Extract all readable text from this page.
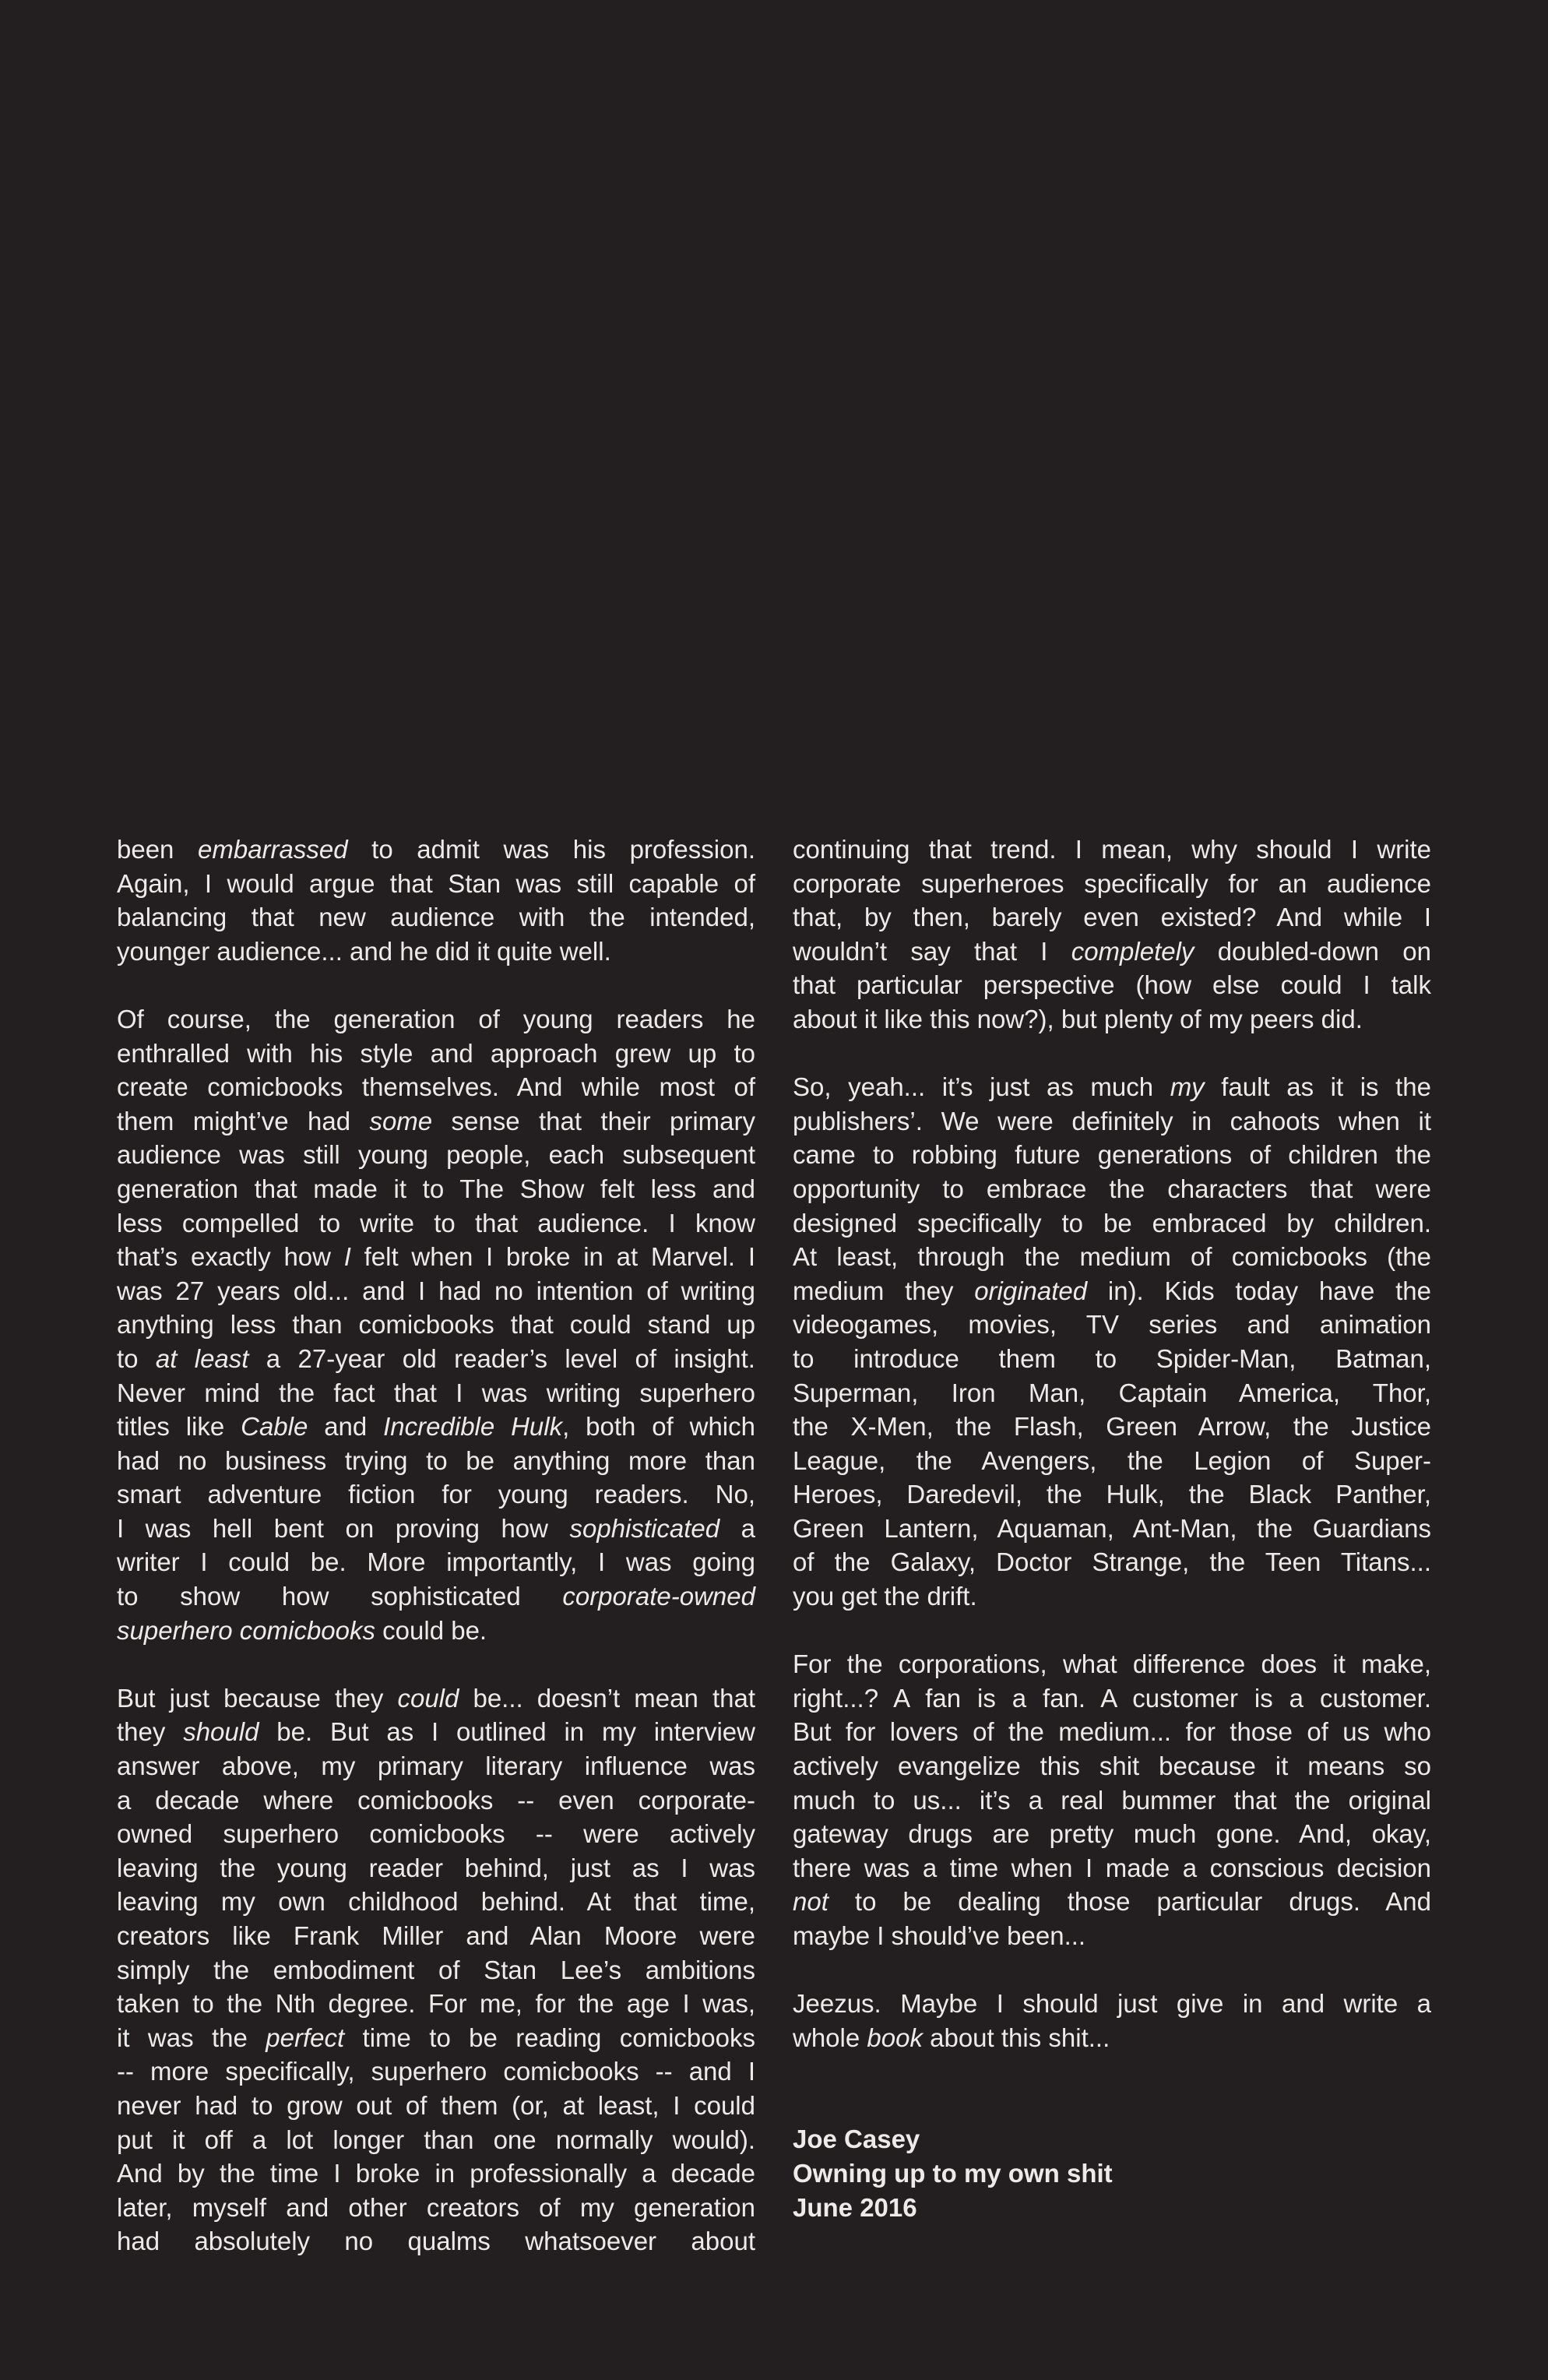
been embarrassed to admit was his profession.
Again, I would argue that Stan was still capable of
balancing that new audience with the intended,
younger audience... and he did it quite well.
Of course, the generation of young readers he
enthralled with his style and approach grew up to
create comicbooks themselves. And while most of
them might’ve had some sense that their primary
audience was still young people, each subsequent
generation that made it to The Show felt less and
less compelled to write to that audience. I know
that’s exactly how I felt when I broke in at Marvel. I
was 27 years old... and I had no intention of writing
anything less than comicbooks that could stand up
to at least a 27-year old reader’s level of insight.
Never mind the fact that I was writing superhero
titles like Cable and Incredible Hulk, both of which
had no business trying to be anything more than
smart adventure fiction for young readers. No,
I was hell bent on proving how sophisticated a
writer I could be. More importantly, I was going
to show how sophisticated corporate-owned
superhero comicbooks could be.
But just because they could be... doesn’t mean that
they should be. But as I outlined in my interview
answer above, my primary literary influence was
a decade where comicbooks -- even corporate-
owned superhero comicbooks -- were actively
leaving the young reader behind, just as I was
leaving my own childhood behind. At that time,
creators like Frank Miller and Alan Moore were
simply the embodiment of Stan Lee’s ambitions
taken to the Nth degree. For me, for the age I was,
it was the perfect time to be reading comicbooks
-- more specifically, superhero comicbooks -- and I
never had to grow out of them (or, at least, I could
put it off a lot longer than one normally would).
And by the time I broke in professionally a decade
later, myself and other creators of my generation
had absolutely no qualms whatsoever about
continuing that trend. I mean, why should I write
corporate superheroes specifically for an audience
that, by then, barely even existed? And while I
wouldn’t say that I completely doubled-down on
that particular perspective (how else could I talk
about it like this now?), but plenty of my peers did.
So, yeah... it’s just as much my fault as it is the
publishers’. We were definitely in cahoots when it
came to robbing future generations of children the
opportunity to embrace the characters that were
designed specifically to be embraced by children.
At least, through the medium of comicbooks (the
medium they originated in). Kids today have the
videogames, movies, TV series and animation
to introduce them to Spider-Man, Batman,
Superman, Iron Man, Captain America, Thor,
the X-Men, the Flash, Green Arrow, the Justice
League, the Avengers, the Legion of Super-
Heroes, Daredevil, the Hulk, the Black Panther,
Green Lantern, Aquaman, Ant-Man, the Guardians
of the Galaxy, Doctor Strange, the Teen Titans...
you get the drift.
For the corporations, what difference does it make,
right...? A fan is a fan. A customer is a customer.
But for lovers of the medium... for those of us who
actively evangelize this shit because it means so
much to us... it’s a real bummer that the original
gateway drugs are pretty much gone. And, okay,
there was a time when I made a conscious decision
not to be dealing those particular drugs. And
maybe I should’ve been...
Jeezus. Maybe I should just give in and write a
whole book about this shit...
Joe Casey
Owning up to my own shit
June 2016
